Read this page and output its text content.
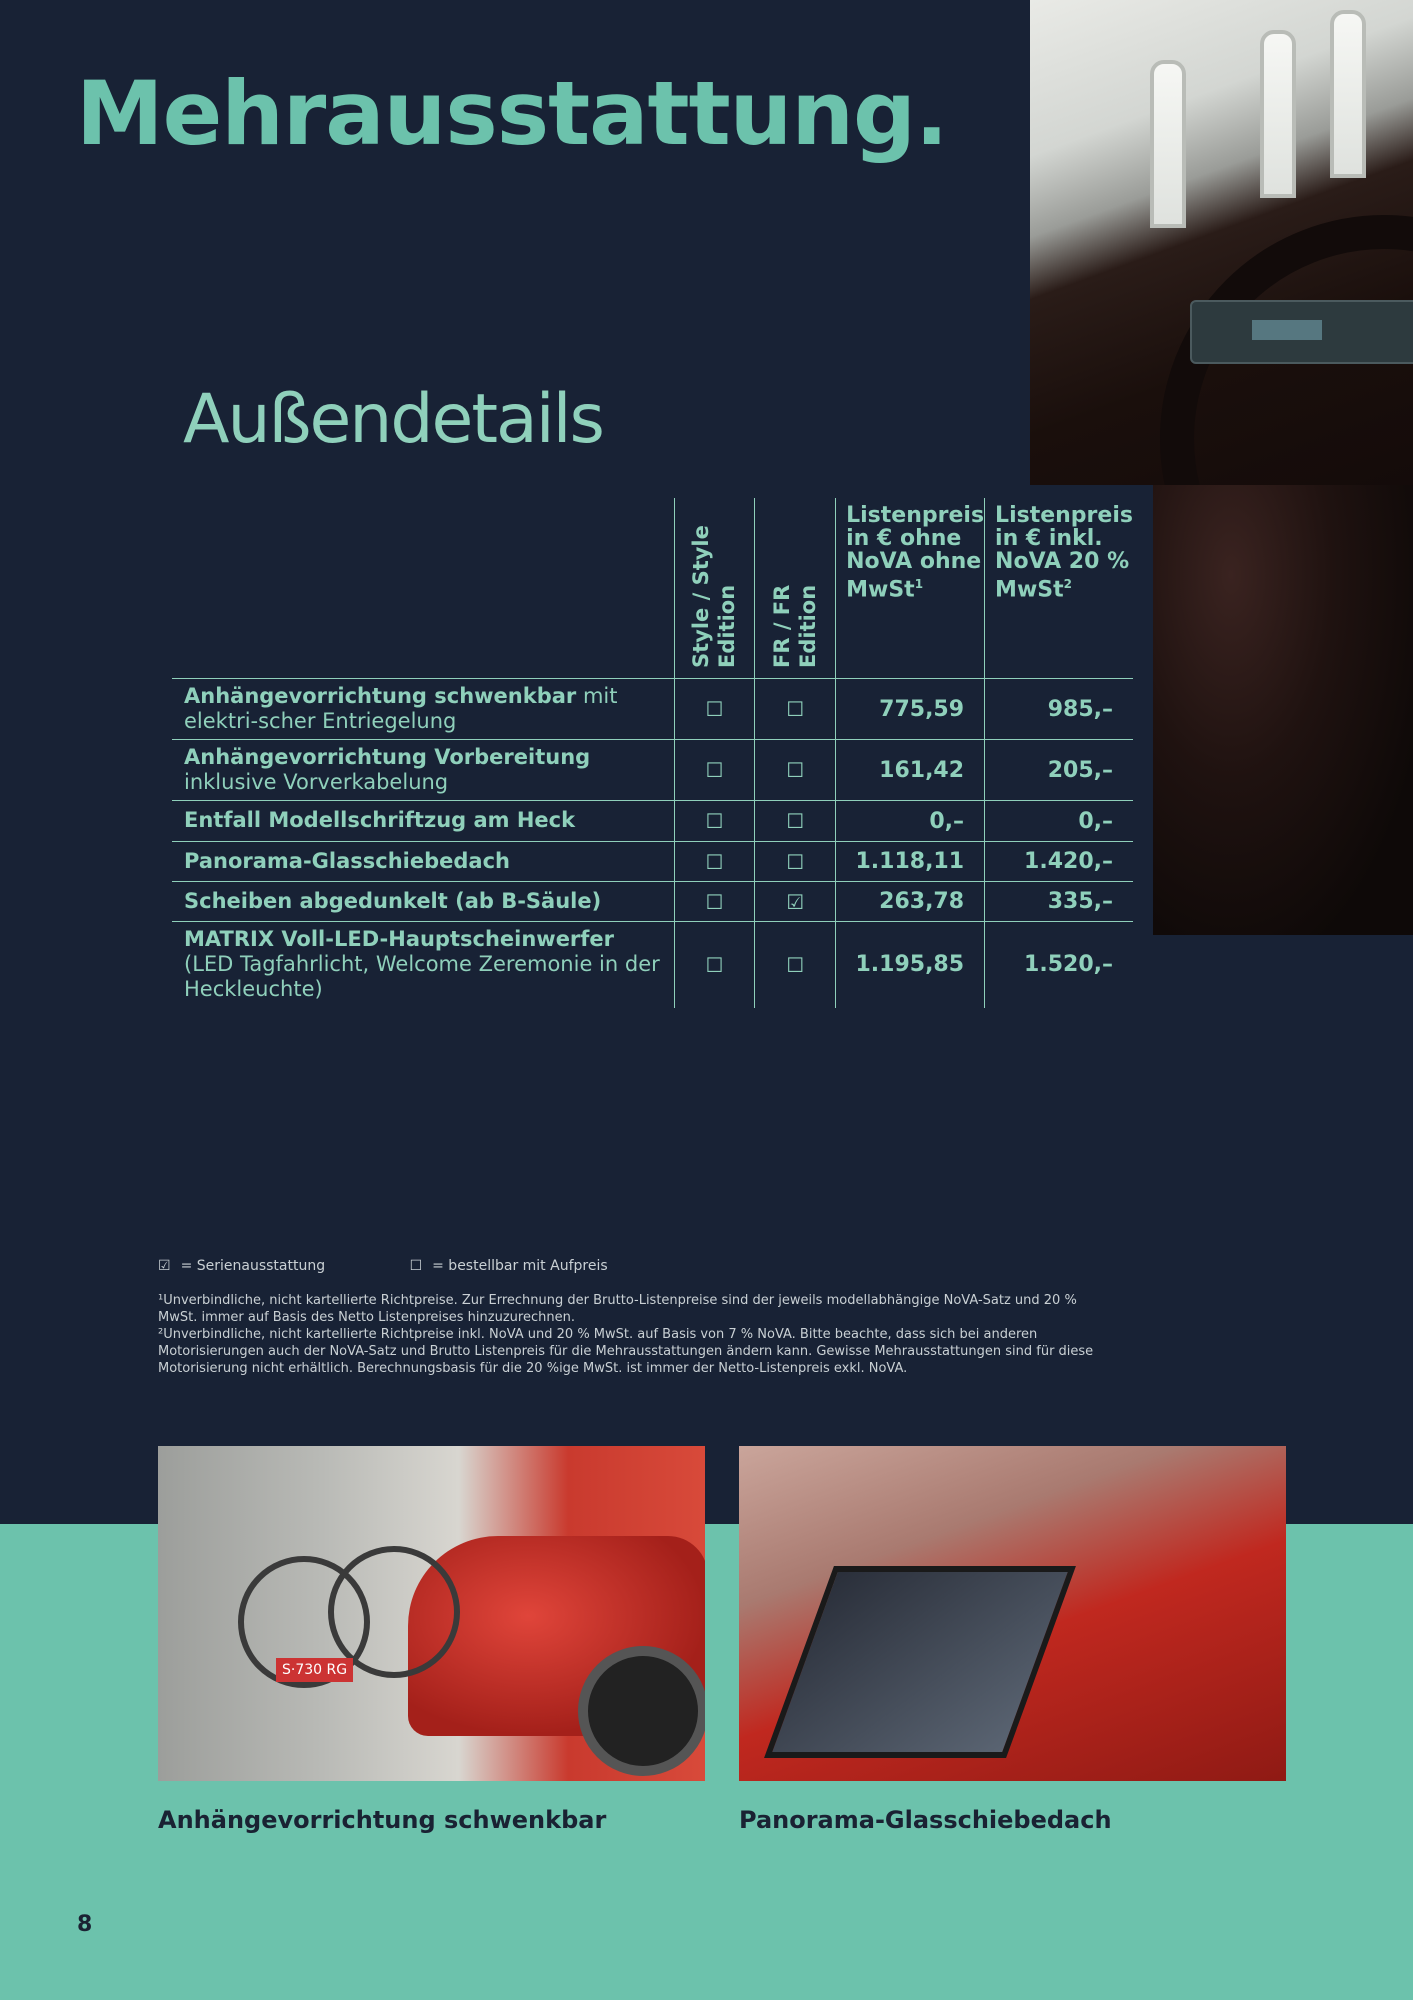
Mehrausstattung.
Außendetails

	Style / Style Edition	FR / FR Edition	Listenpreis in € ohne NoVA ohne MwSt$^1$	Listenpreis in € inkl. NoVA 20 % MwSt$^2$

Anhängevorrichtung schwenkbar mit elektri-scher Entriegelung	☐	☐	775,59	985,–
Anhängevorrichtung Vorbereitung inklusive Vorverkabelung	☐	☐	161,42	205,–
Entfall Modellschriftzug am Heck	☐	☐	0,–	0,–
Panorama-Glasschiebedach	☐	☐	1.118,11	1.420,–
Scheiben abgedunkelt (ab B-Säule)	☐	☑	263,78	335,–
MATRIX Voll-LED-Hauptscheinwerfer (LED Tagfahrlicht, Welcome Zeremonie in der Heckleuchte)	☐	☐	1.195,85	1.520,–
☑ = Serienausstattung	☐ = bestellbar mit Aufpreis

¹Unverbindliche, nicht kartellierte Richtpreise. Zur Errechnung der Brutto-Listenpreise sind der jeweils modellabhängige NoVA-Satz und 20 % MwSt. immer auf Basis des Netto Listenpreises hinzuzurechnen.

²Unverbindliche, nicht kartellierte Richtpreise inkl. NoVA und 20 % MwSt. auf Basis von 7 % NoVA. Bitte beachte, dass sich bei anderen Motorisierungen auch der NoVA-Satz und Brutto Listenpreis für die Mehrausstattungen ändern kann. Gewisse Mehrausstattungen sind für diese Motorisierung nicht erhältlich. Berechnungsbasis für die 20 %ige MwSt. ist immer der Netto-Listenpreis exkl. NoVA.

S·730 RG
Anhängevorrichtung schwenkbar	Panorama-Glasschiebedach
8
